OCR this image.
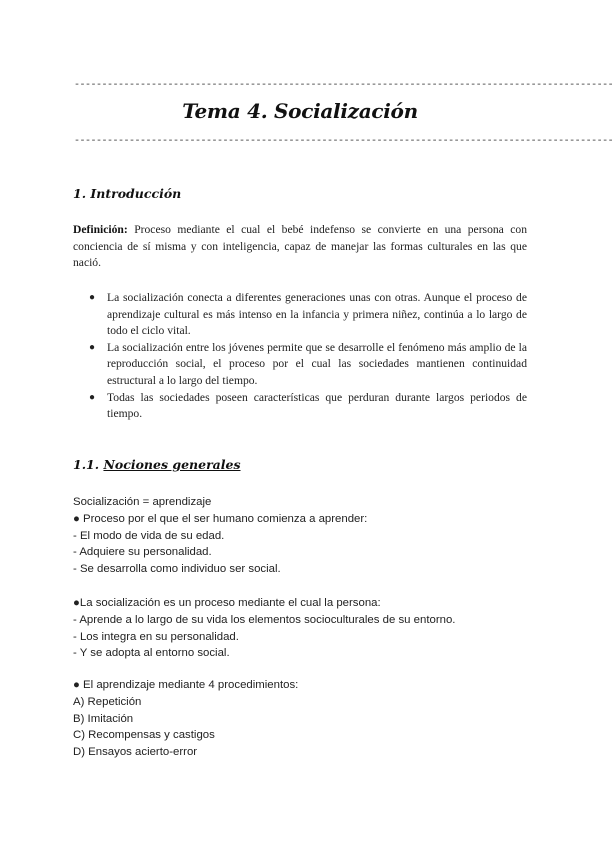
--------------------------------------------------------------------------------------------------
Tema 4. Socialización
--------------------------------------------------------------------------------------------------
1. Introducción
Definición: Proceso mediante el cual el bebé indefenso se convierte en una persona con conciencia de sí misma y con inteligencia, capaz de manejar las formas culturales en las que nació.
● La socialización conecta a diferentes generaciones unas con otras. Aunque el proceso de aprendizaje cultural es más intenso en la infancia y primera niñez, continúa a lo largo de todo el ciclo vital.
● La socialización entre los jóvenes permite que se desarrolle el fenómeno más amplio de la reproducción social, el proceso por el cual las sociedades mantienen continuidad estructural a lo largo del tiempo.
● Todas las sociedades poseen características que perduran durante largos periodos de tiempo.
1.1. Nociones generales
Socialización = aprendizaje
● Proceso por el que el ser humano comienza a aprender:
- El modo de vida de su edad.
- Adquiere su personalidad.
- Se desarrolla como individuo ser social.
●La socialización es un proceso mediante el cual la persona:
- Aprende a lo largo de su vida los elementos socioculturales de su entorno.
- Los integra en su personalidad.
- Y se adopta al entorno social.
● El aprendizaje mediante 4 procedimientos:
A) Repetición
B) Imitación
C) Recompensas y castigos
D) Ensayos acierto-error
